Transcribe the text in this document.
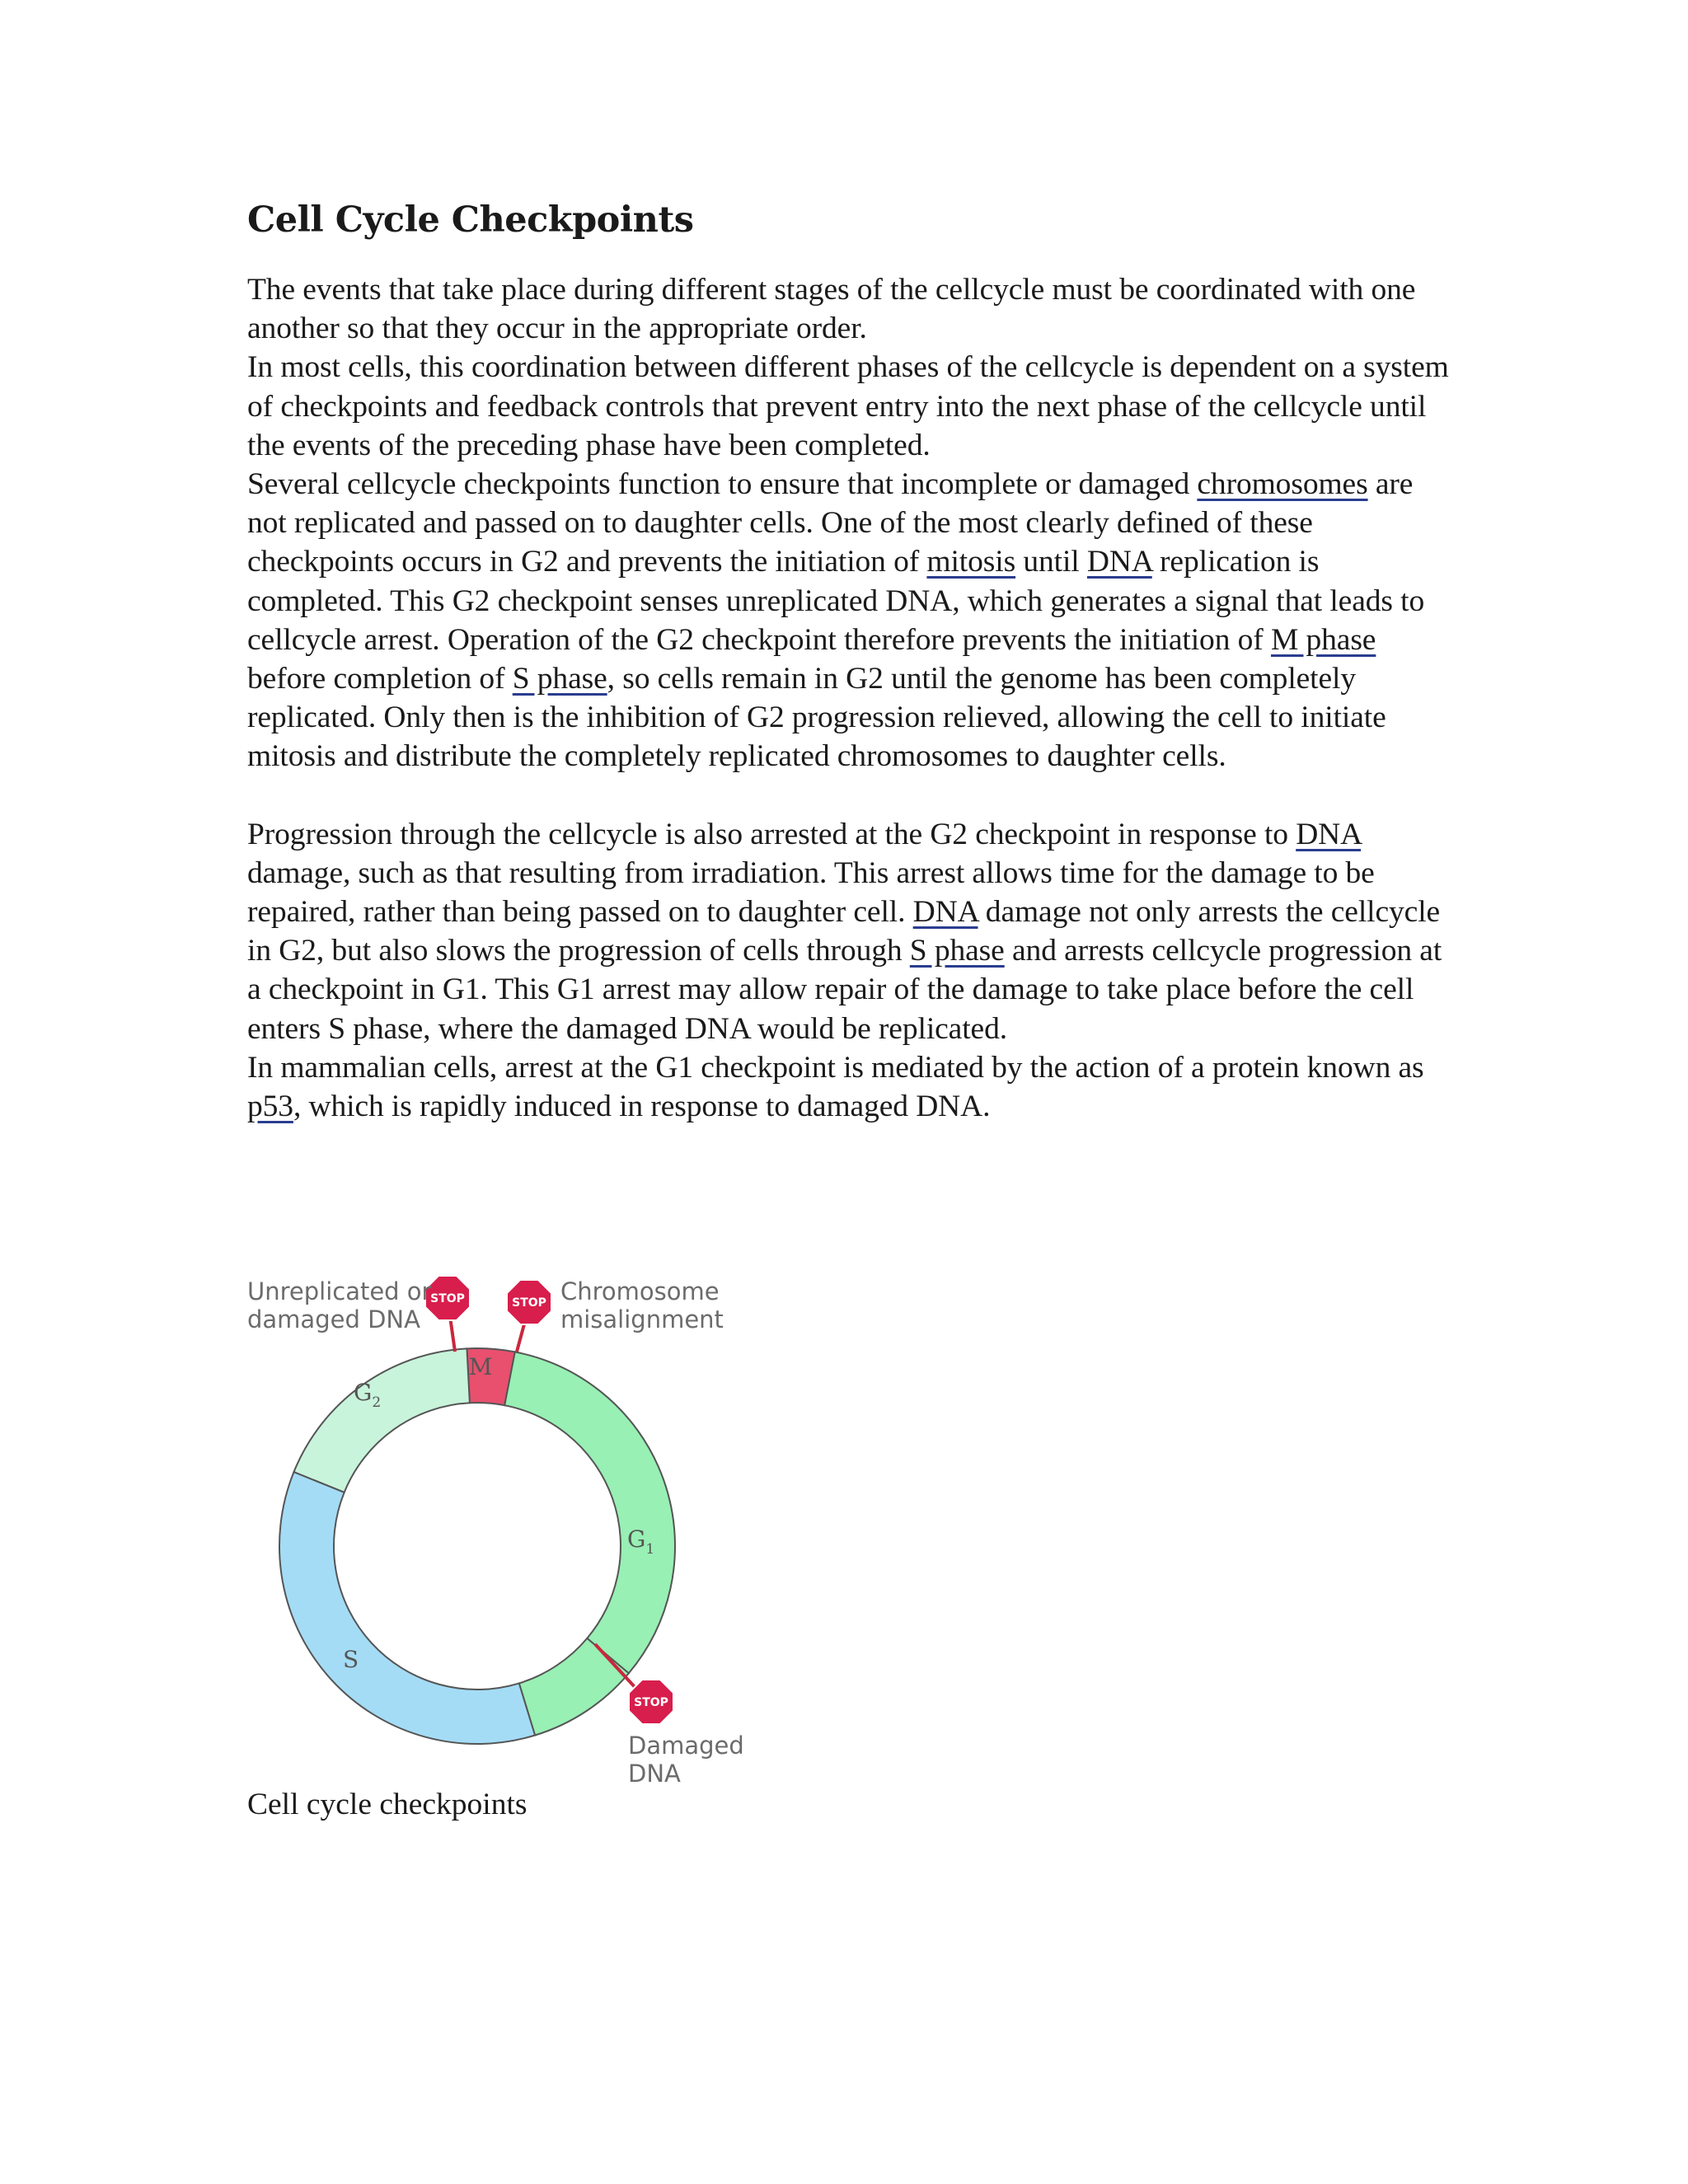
Cell Cycle Checkpoints

The events that take place during different stages of the cellcycle must be coordinated with one another so that they occur in the appropriate order.
In most cells, this coordination between different phases of the cellcycle is dependent on a system of checkpoints and feedback controls that prevent entry into the next phase of the cellcycle until the events of the preceding phase have been completed.
Several cellcycle checkpoints function to ensure that incomplete or damaged chromosomes are not replicated and passed on to daughter cells. One of the most clearly defined of these checkpoints occurs in G2 and prevents the initiation of mitosis until DNA replication is completed. This G2 checkpoint senses unreplicated DNA, which generates a signal that leads to cellcycle arrest. Operation of the G2 checkpoint therefore prevents the initiation of M phase before completion of S phase, so cells remain in G2 until the genome has been completely replicated. Only then is the inhibition of G2 progression relieved, allowing the cell to initiate mitosis and distribute the completely replicated chromosomes to daughter cells.

Progression through the cellcycle is also arrested at the G2 checkpoint in response to DNA damage, such as that resulting from irradiation. This arrest allows time for the damage to be repaired, rather than being passed on to daughter cell. DNA damage not only arrests the cellcycle in G2, but also slows the progression of cells through S phase and arrests cellcycle progression at a checkpoint in G1. This G1 arrest may allow repair of the damage to take place before the cell enters S phase, where the damaged DNA would be replicated.
In mammalian cells, arrest at the G1 checkpoint is mediated by the action of a protein known as p53, which is rapidly induced in response to damaged DNA.

M
$G_2$
$G_1$
S
STOP	STOP
STOP
Unreplicated or
damaged DNA
Chromosome
misalignment
Damaged
DNA
Cell cycle checkpoints
